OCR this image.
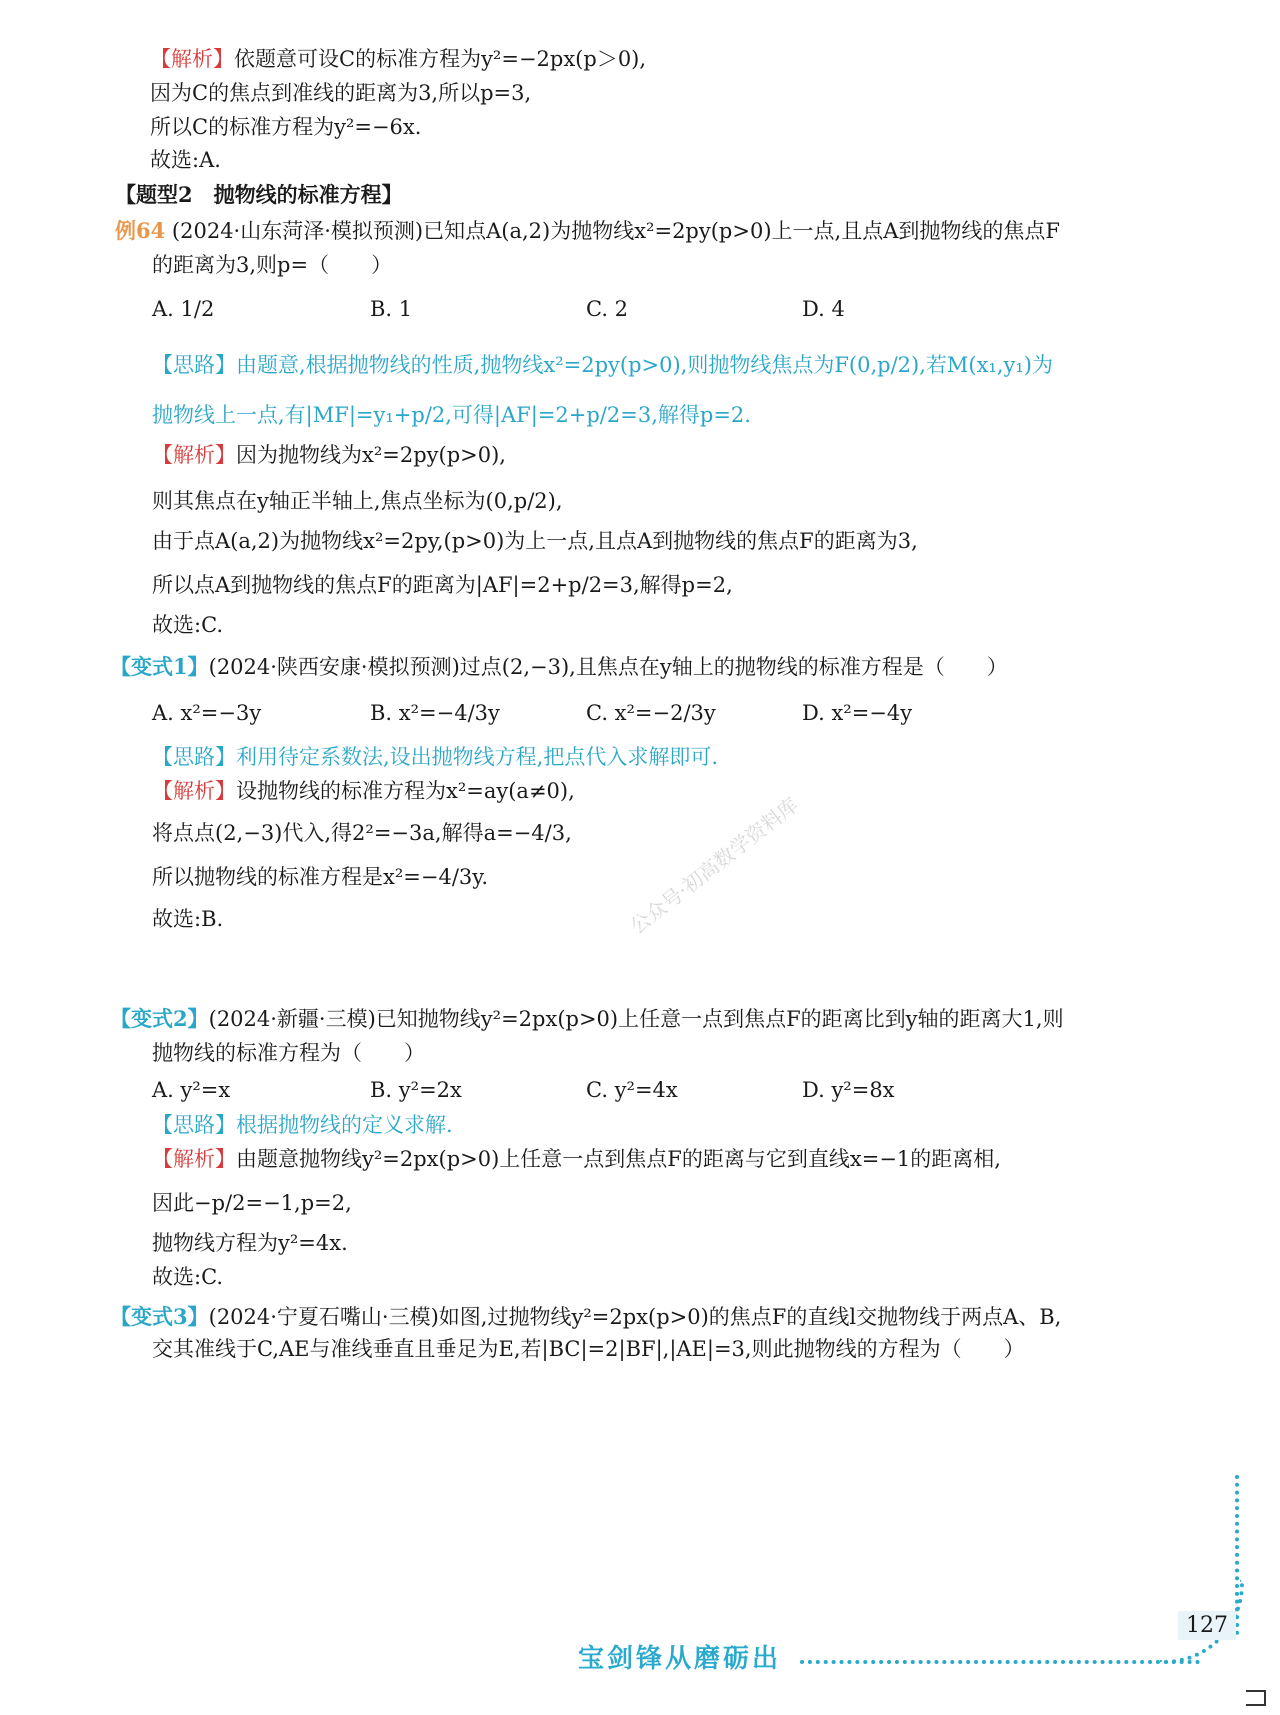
【解析】依题意可设C的标准方程为y²=−2px(p＞0),
因为C的焦点到准线的距离为3,所以p=3,
所以C的标准方程为y²=−6x.
故选:A.
【题型2　抛物线的标准方程】
例64 (2024·山东菏泽·模拟预测)已知点A(a,2)为抛物线x²=2py(p>0)上一点,且点A到抛物线的焦点F
的距离为3,则p=（　　）
A. 1/2	B. 1	C. 2	D. 4
【思路】由题意,根据抛物线的性质,抛物线x²=2py(p>0),则抛物线焦点为F(0,p/2),若M(x₁,y₁)为
抛物线上一点,有|MF|=y₁+p/2,可得|AF|=2+p/2=3,解得p=2.
【解析】因为抛物线为x²=2py(p>0),
则其焦点在y轴正半轴上,焦点坐标为(0,p/2),
由于点A(a,2)为抛物线x²=2py,(p>0)为上一点,且点A到抛物线的焦点F的距离为3,
所以点A到抛物线的焦点F的距离为|AF|=2+p/2=3,解得p=2,
故选:C.
【变式1】(2024·陕西安康·模拟预测)过点(2,−3),且焦点在y轴上的抛物线的标准方程是（　　）
A. x²=−3y	B. x²=−4/3y	C. x²=−2/3y	D. x²=−4y
【思路】利用待定系数法,设出抛物线方程,把点代入求解即可.
【解析】设抛物线的标准方程为x²=ay(a≠0),
将点点(2,−3)代入,得2²=−3a,解得a=−4/3,
所以抛物线的标准方程是x²=−4/3y.
故选:B.	公众号·初高数学资料库
【变式2】(2024·新疆·三模)已知抛物线y²=2px(p>0)上任意一点到焦点F的距离比到y轴的距离大1,则
抛物线的标准方程为（　　）
A. y²=x	B. y²=2x	C. y²=4x	D. y²=8x
【思路】根据抛物线的定义求解.
【解析】由题意抛物线y²=2px(p>0)上任意一点到焦点F的距离与它到直线x=−1的距离相,
因此−p/2=−1,p=2,
抛物线方程为y²=4x.
故选:C.
【变式3】(2024·宁夏石嘴山·三模)如图,过抛物线y²=2px(p>0)的焦点F的直线l交抛物线于两点A、B,
交其准线于C,AE与准线垂直且垂足为E,若|BC|=2|BF|,|AE|=3,则此抛物线的方程为（　　）
127
宝剑锋从磨砺出
